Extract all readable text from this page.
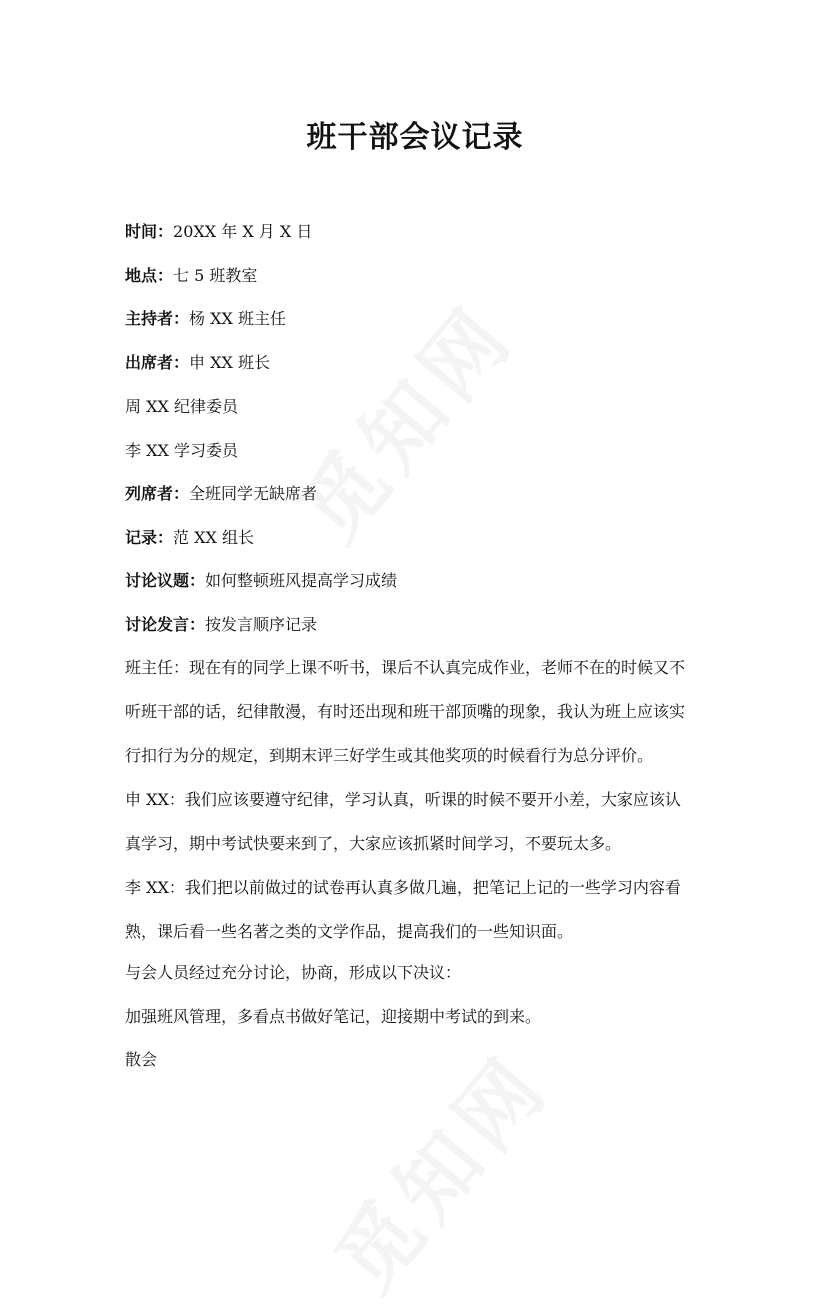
班干部会议记录

时间：20XX 年 X 月 X 日

地点：七 5 班教室

主持者：杨 XX 班主任

出席者：申 XX 班长

周 XX 纪律委员

李 XX 学习委员

列席者：全班同学无缺席者

记录：范 XX 组长

讨论议题：如何整顿班风提高学习成绩

讨论发言：按发言顺序记录

班主任：现在有的同学上课不听书，课后不认真完成作业，老师不在的时候又不
听班干部的话，纪律散漫，有时还出现和班干部顶嘴的现象，我认为班上应该实
行扣行为分的规定，到期末评三好学生或其他奖项的时候看行为总分评价。
申 XX：我们应该要遵守纪律，学习认真，听课的时候不要开小差，大家应该认
真学习，期中考试快要来到了，大家应该抓紧时间学习，不要玩太多。
李 XX：我们把以前做过的试卷再认真多做几遍，把笔记上记的一些学习内容看
熟，课后看一些名著之类的文学作品，提高我们的一些知识面。

与会人员经过充分讨论，协商，形成以下决议：

加强班风管理，多看点书做好笔记，迎接期中考试的到来。

散会
